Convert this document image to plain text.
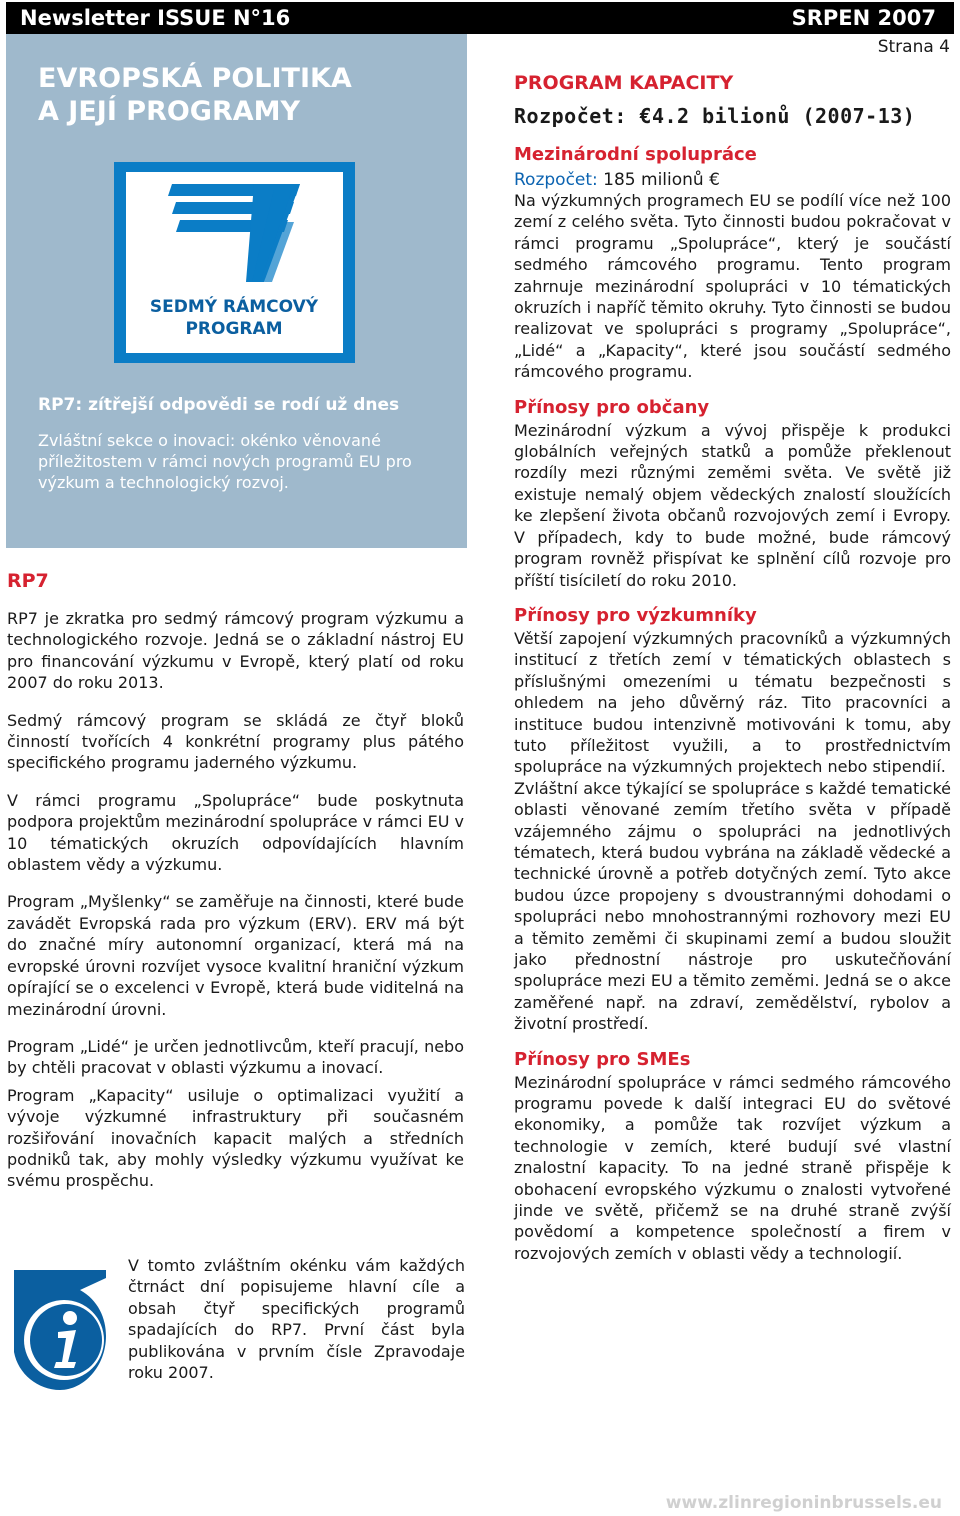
Newsletter ISSUE N°16	SRPEN 2007
Strana 4
EVROPSKÁ POLITIKA
A JEJÍ PROGRAMY
SEDMÝ RÁMCOVÝ
PROGRAM
RP7: zítřejší odpovědi se rodí už dnes
Zvláštní sekce o inovaci: okénko věnované příležitostem v rámci nových programů EU pro výzkum a technologický rozvoj.
RP7

RP7 je zkratka pro sedmý rámcový program výzkumu a technologického rozvoje. Jedná se o základní nástroj EU pro financování výzkumu v Evropě, který platí od roku 2007 do roku 2013.

Sedmý rámcový program se skládá ze čtyř bloků činností tvořících 4 konkrétní programy plus pátého specifického programu jaderného výzkumu.

V rámci programu „Spolupráce“ bude poskytnuta podpora projektům mezinárodní spolupráce v rámci EU v 10 tématických okruzích odpovídajících hlavním oblastem vědy a výzkumu.

Program „Myšlenky“ se zaměřuje na činnosti, které bude zavádět Evropská rada pro výzkum (ERV). ERV má být do značné míry autonomní organizací, která má na evropské úrovni rozvíjet vysoce kvalitní hraniční výzkum opírající se o excelenci v Evropě, která bude viditelná na mezinárodní úrovni.

Program „Lidé“ je určen jednotlivcům, kteří pracují, nebo by chtěli pracovat v oblasti výzkumu a inovací.

Program „Kapacity“ usiluje o optimalizaci využití a vývoje výzkumné infrastruktury při současném rozšiřování inovačních kapacit malých a středních podniků tak, aby mohly výsledky výzkumu využívat ke svému prospěchu.

V tomto zvláštním okénku vám každých čtrnáct dní popisujeme hlavní cíle a obsah čtyř specifických programů spadajících do RP7. První část byla publikována v prvním čísle Zpravodaje roku 2007.

PROGRAM KAPACITY
Rozpočet: €4.2 bilionů (2007-13)
Mezinárodní spolupráce
Rozpočet: 185 milionů €

Na výzkumných programech EU se podílí více než 100 zemí z celého světa. Tyto činnosti budou pokračovat v rámci programu „Spolupráce“, který je součástí sedmého rámcového programu. Tento program zahrnuje mezinárodní spolupráci v 10 tématických okruzích i napříč těmito okruhy. Tyto činnosti se budou realizovat ve spolupráci s programy „Spolupráce“, „Lidé“ a „Kapacity“, které jsou součástí sedmého rámcového programu.

Přínosy pro občany

Mezinárodní výzkum a vývoj přispěje k produkci globálních veřejných statků a pomůže překlenout rozdíly mezi různými zeměmi světa. Ve světě již existuje nemalý objem vědeckých znalostí sloužících ke zlepšení života občanů rozvojových zemí i Evropy. V případech, kdy to bude možné, bude rámcový program rovněž přispívat ke splnění cílů rozvoje pro příští tisíciletí do roku 2010.

Přínosy pro výzkumníky

Větší zapojení výzkumných pracovníků a výzkumných institucí z třetích zemí v tématických oblastech s příslušnými omezeními u tématu bezpečnosti s ohledem na jeho důvěrný ráz. Tito pracovníci a instituce budou intenzivně motivováni k tomu, aby tuto příležitost využili, a to prostřednictvím spolupráce na výzkumných projektech nebo stipendií.

Zvláštní akce týkající se spolupráce s každé tematické oblasti věnované zemím třetího světa v případě vzájemného zájmu o spolupráci na jednotlivých tématech, která budou vybrána na základě vědecké a technické úrovně a potřeb dotyčných zemí. Tyto akce budou úzce propojeny s dvoustrannými dohodami o spolupráci nebo mnohostrannými rozhovory mezi EU a těmito zeměmi či skupinami zemí a budou sloužit jako přednostní nástroje pro uskutečňování spolupráce mezi EU a těmito zeměmi. Jedná se o akce zaměřené např. na zdraví, zemědělství, rybolov a životní prostředí.

Přínosy pro SMEs

Mezinárodní spolupráce v rámci sedmého rámcového programu povede k další integraci EU do světové ekonomiky, a pomůže tak rozvíjet výzkum a technologie v zemích, které budují své vlastní znalostní kapacity. To na jedné straně přispěje k obohacení evropského výzkumu o znalosti vytvořené jinde ve světě, přičemž se na druhé straně zvýší povědomí a kompetence společností a firem v rozvojových zemích v oblasti vědy a technologií.

www.zlinregioninbrussels.eu
